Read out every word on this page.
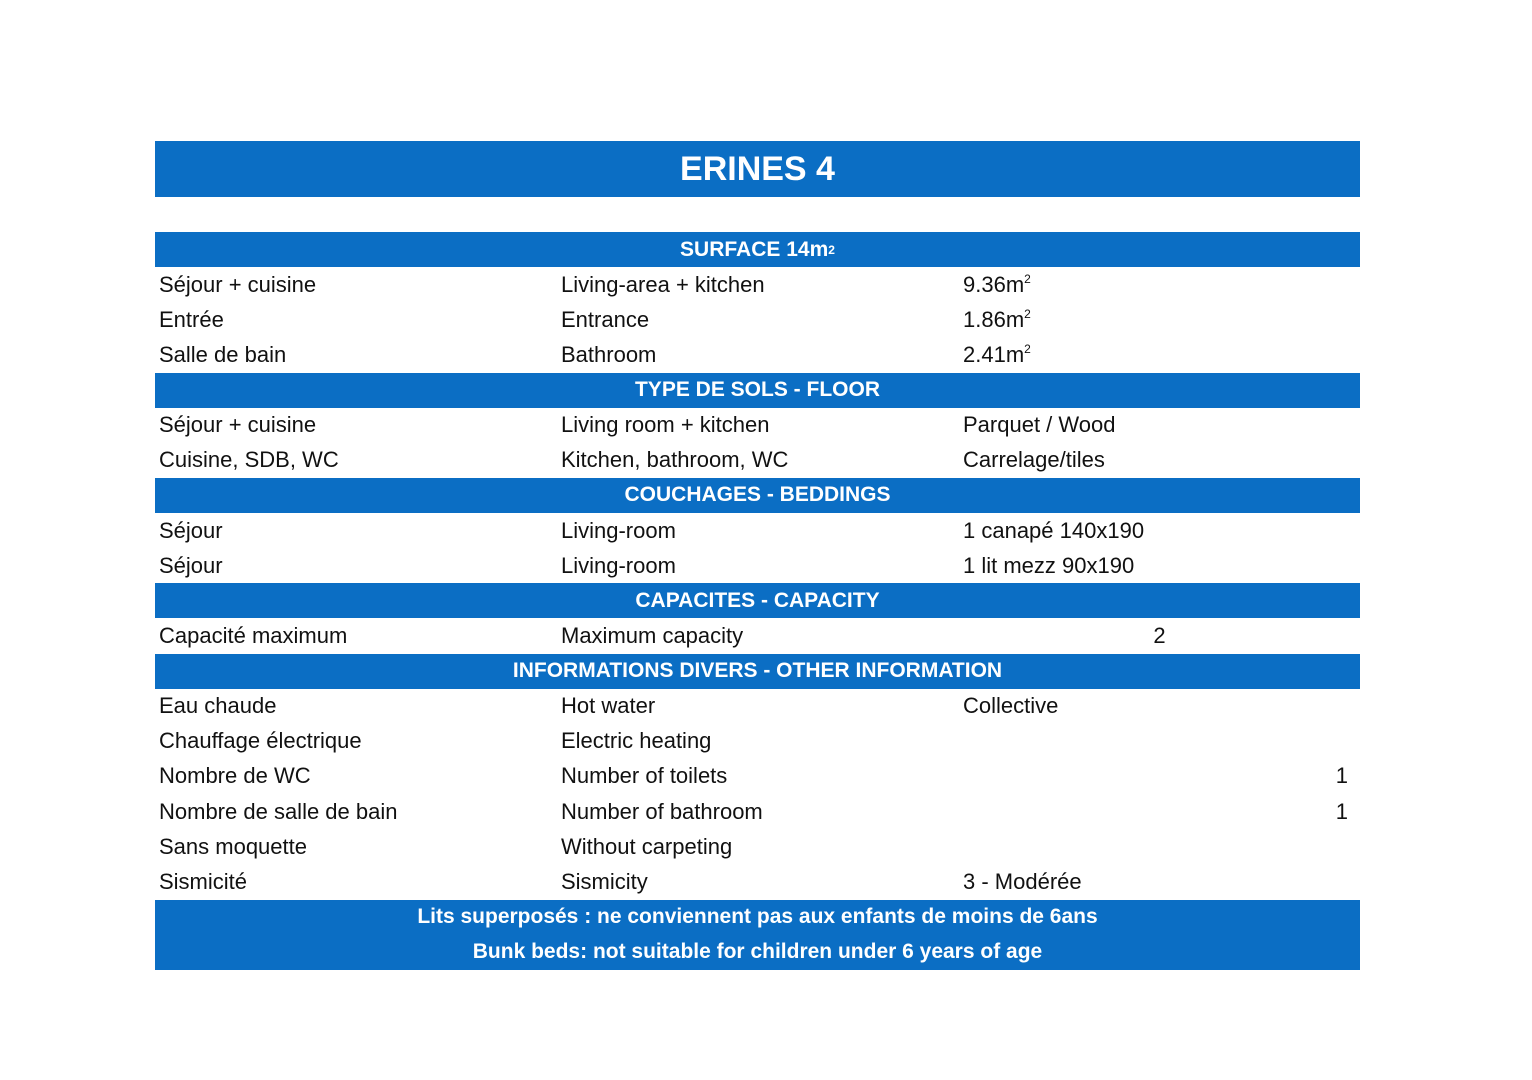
ERINES 4
SURFACE 14m 2
Séjour + cuisine	Living-area + kitchen	$9.36m^2$
Entrée	Entrance	$1.86m^2$
Salle de bain	Bathroom	$2.41m^2$
TYPE DE SOLS - FLOOR
Séjour + cuisine	Living room + kitchen	Parquet / Wood
Cuisine, SDB, WC	Kitchen, bathroom, WC	Carrelage/tiles
COUCHAGES - BEDDINGS
Séjour	Living-room	1 canapé 140x190
Séjour	Living-room	1 lit mezz 90x190
CAPACITES - CAPACITY
Capacité maximum	Maximum capacity	2
INFORMATIONS DIVERS - OTHER INFORMATION
Eau chaude	Hot water	Collective
Chauffage électrique	Electric heating
Nombre de WC	Number of toilets	1
Nombre de salle de bain	Number of bathroom	1
Sans moquette	Without carpeting
Sismicité	Sismicity	3 - Modérée
Lits superposés : ne conviennent pas aux enfants de moins de 6ans
Bunk beds: not suitable for children under 6 years of age
